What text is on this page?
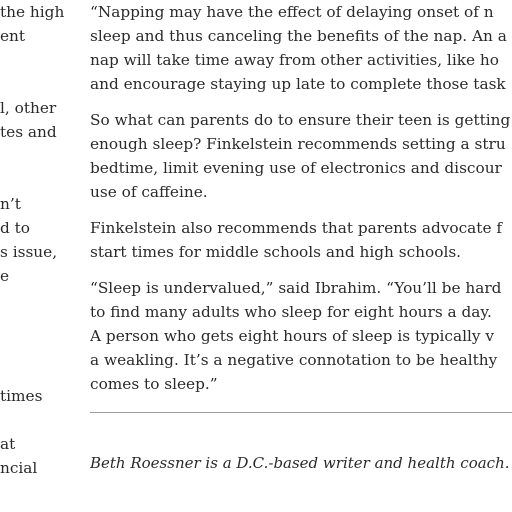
the high
ent

l, other
tes and

n’t
d to
s issue,
e

times

at
ncial
“Napping may have the effect of delaying onset of n
sleep and thus canceling the benefits of the nap. An a
nap will take time away from other activities, like ho
and encourage staying up late to complete those task
So what can parents do to ensure their teen is getting
enough sleep? Finkelstein recommends setting a stru
bedtime, limit evening use of electronics and discour
use of caffeine.
Finkelstein also recommends that parents advocate f
start times for middle schools and high schools.
“Sleep is undervalued,” said Ibrahim. “You’ll be hard
to find many adults who sleep for eight hours a day.
A person who gets eight hours of sleep is typically v
a weakling. It’s a negative connotation to be healthy
comes to sleep.”
Beth Roessner is a D.C.-based writer and health coach.
